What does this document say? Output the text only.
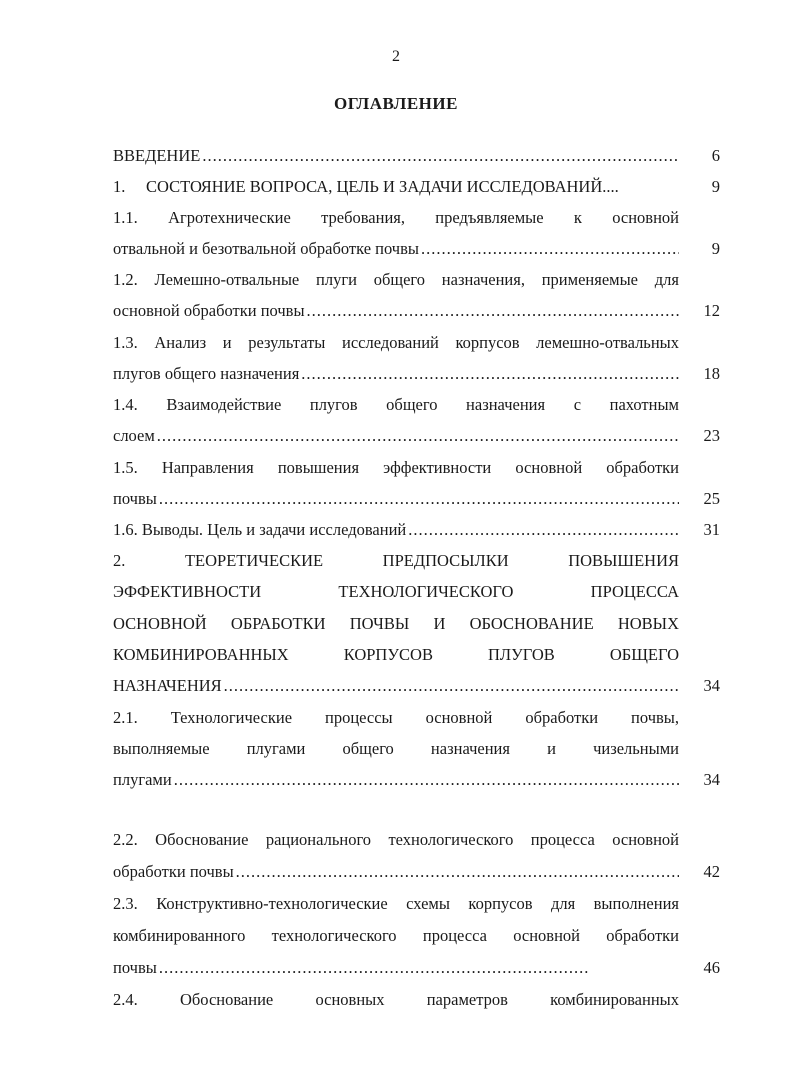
2
ОГЛАВЛЕНИЕ
ВВЕДЕНИЕ .....	6
1.     СОСТОЯНИЕ ВОПРОСА, ЦЕЛЬ И ЗАДАЧИ ИССЛЕДОВАНИЙ....	9
1.1. Агротехнические требования, предъявляемые к основной
отвальной и безотвальной обработке почвы .....	9
1.2. Лемешно-отвальные плуги общего назначения, применяемые для
основной обработки почвы .....	12
1.3. Анализ и результаты исследований корпусов лемешно-отвальных
плугов общего назначения .....	18
1.4. Взаимодействие плугов общего назначения с пахотным
слоем .....	23
1.5. Направления повышения эффективности основной обработки
почвы .....	25
1.6. Выводы. Цель и задачи исследований .....	31
2. ТЕОРЕТИЧЕСКИЕ ПРЕДПОСЫЛКИ ПОВЫШЕНИЯ
ЭФФЕКТИВНОСТИ ТЕХНОЛОГИЧЕСКОГО ПРОЦЕССА
ОСНОВНОЙ ОБРАБОТКИ ПОЧВЫ И ОБОСНОВАНИЕ НОВЫХ
КОМБИНИРОВАННЫХ КОРПУСОВ ПЛУГОВ ОБЩЕГО
НАЗНАЧЕНИЯ .....	34
2.1. Технологические процессы основной обработки почвы,
выполняемые плугами общего назначения и чизельными
плугами .....	34
2.2. Обоснование рационального технологического процесса основной
обработки почвы .....	42
2.3. Конструктивно-технологические схемы корпусов для выполнения
комбинированного технологического процесса основной обработки
почвы .....	46
2.4. Обоснование основных параметров комбинированных
